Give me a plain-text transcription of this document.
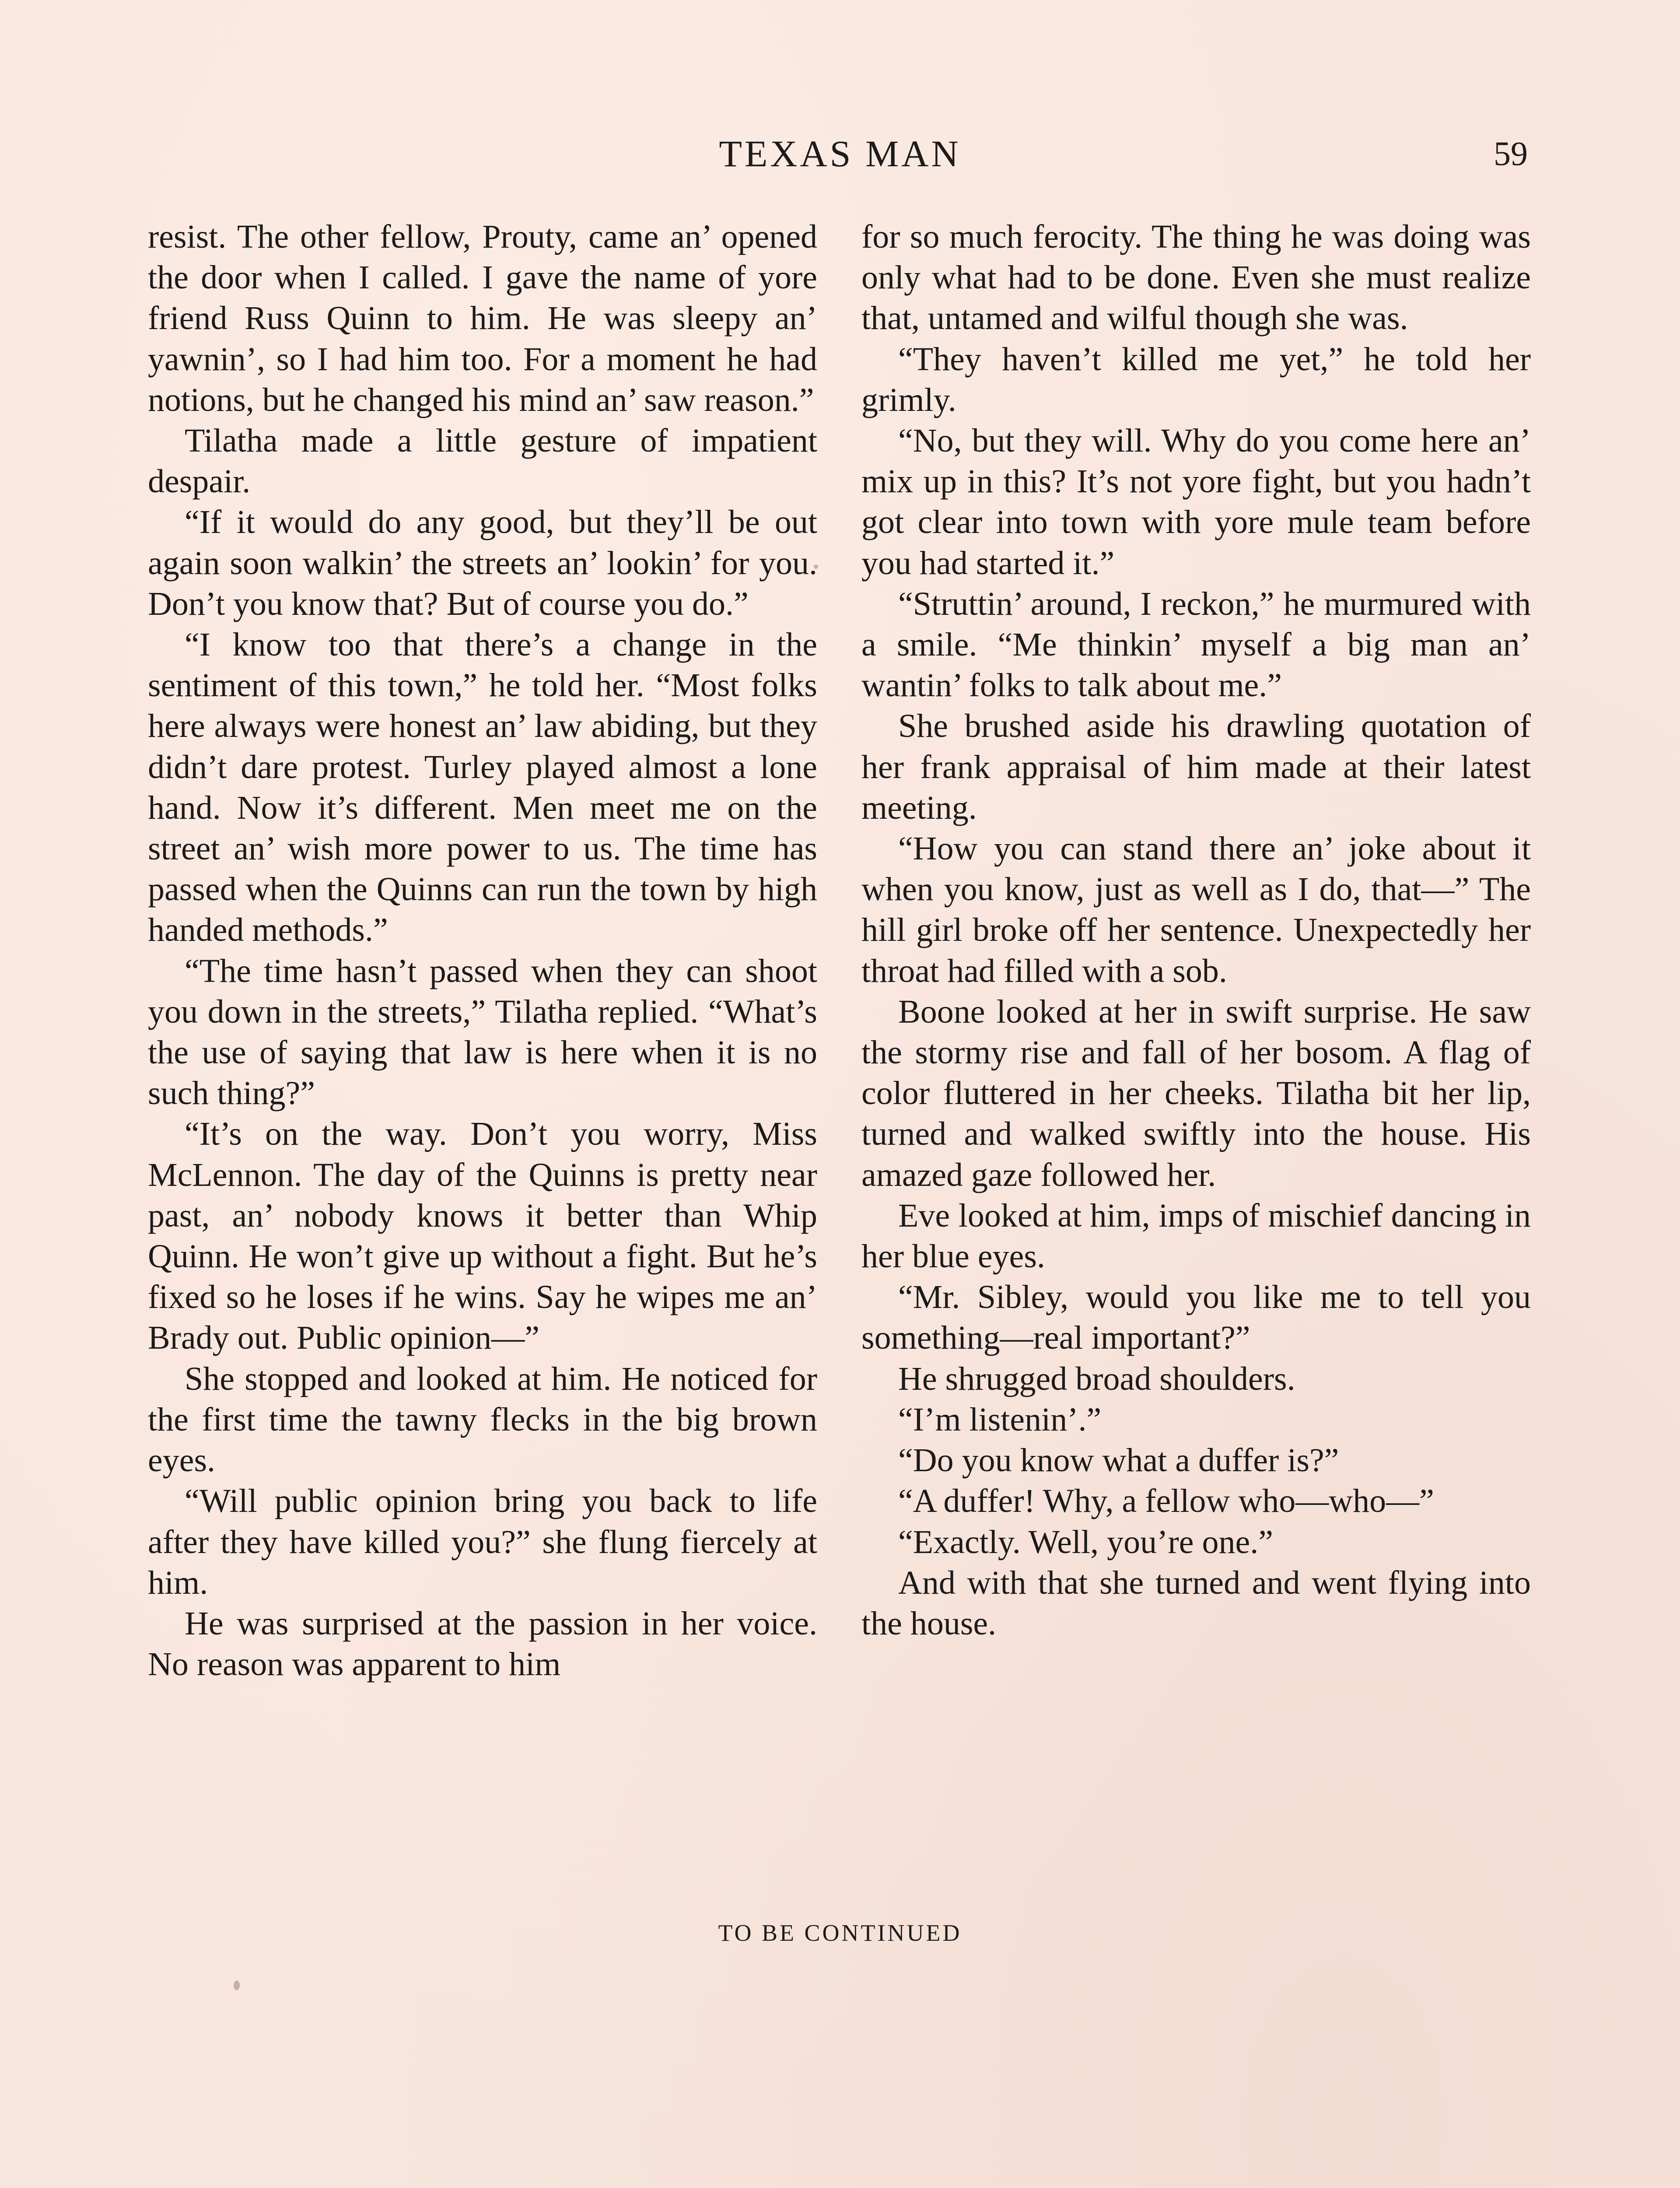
TEXAS MAN	59

resist. The other fellow, Prouty, came an’ opened the door when I called. I gave the name of yore friend Russ Quinn to him. He was sleepy an’ yawnin’, so I had him too. For a moment he had notions, but he changed his mind an’ saw reason.”

Tilatha made a little gesture of impatient despair.

“If it would do any good, but they’ll be out again soon walkin’ the streets an’ lookin’ for you. Don’t you know that? But of course you do.”

“I know too that there’s a change in the sentiment of this town,” he told her. “Most folks here always were honest an’ law abiding, but they didn’t dare protest. Turley played almost a lone hand. Now it’s different. Men meet me on the street an’ wish more power to us. The time has passed when the Quinns can run the town by high handed methods.”

“The time hasn’t passed when they can shoot you down in the streets,” Tilatha replied. “What’s the use of saying that law is here when it is no such thing?”

“It’s on the way. Don’t you worry, Miss McLennon. The day of the Quinns is pretty near past, an’ nobody knows it better than Whip Quinn. He won’t give up without a fight. But he’s fixed so he loses if he wins. Say he wipes me an’ Brady out. Public opinion—”

She stopped and looked at him. He noticed for the first time the tawny flecks in the big brown eyes.

“Will public opinion bring you back to life after they have killed you?” she flung fiercely at him.

He was surprised at the passion in her voice. No reason was apparent to him

for so much ferocity. The thing he was doing was only what had to be done. Even she must realize that, untamed and wilful though she was.

“They haven’t killed me yet,” he told her grimly.

“No, but they will. Why do you come here an’ mix up in this? It’s not yore fight, but you hadn’t got clear into town with yore mule team before you had started it.”

“Struttin’ around, I reckon,” he murmured with a smile. “Me thinkin’ myself a big man an’ wantin’ folks to talk about me.”

She brushed aside his drawling quotation of her frank appraisal of him made at their latest meeting.

“How you can stand there an’ joke about it when you know, just as well as I do, that—” The hill girl broke off her sentence. Unexpectedly her throat had filled with a sob.

Boone looked at her in swift surprise. He saw the stormy rise and fall of her bosom. A flag of color fluttered in her cheeks. Tilatha bit her lip, turned and walked swiftly into the house. His amazed gaze followed her.

Eve looked at him, imps of mischief dancing in her blue eyes.

“Mr. Sibley, would you like me to tell you something—real important?”

He shrugged broad shoulders.

“I’m listenin’.”

“Do you know what a duffer is?”

“A duffer! Why, a fellow who—who—”

“Exactly. Well, you’re one.”

And with that she turned and went flying into the house.

TO BE CONTINUED
